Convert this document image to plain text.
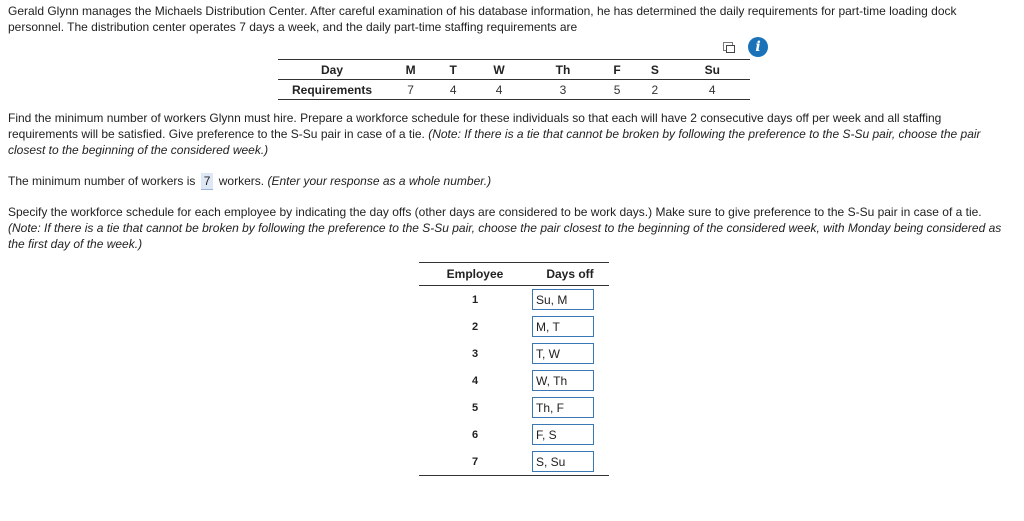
Gerald Glynn manages the Michaels Distribution Center. After careful examination of his database information, he has determined the daily requirements for part-time loading dock personnel. The distribution center operates 7 days a week, and the daily part-time staffing requirements are

i
Day	M	T	W	Th	F	S	Su
Requirements	7	4	4	3	5	2	4

Find the minimum number of workers Glynn must hire. Prepare a workforce schedule for these individuals so that each will have 2 consecutive days off per week and all staffing requirements will be satisfied. Give preference to the S-Su pair in case of a tie. (Note: If there is a tie that cannot be broken by following the preference to the S-Su pair, choose the pair closest to the beginning of the considered week.)

The minimum number of workers is 7 workers. (Enter your response as a whole number.)

Specify the workforce schedule for each employee by indicating the day offs (other days are considered to be work days.) Make sure to give preference to the S-Su pair in case of a tie. (Note: If there is a tie that cannot be broken by following the preference to the S-Su pair, choose the pair closest to the beginning of the considered week, with Monday being considered as the first day of the week.)

Employee	Days off
1	Su, M
2	M, T
3	T, W
4	W, Th
5	Th, F
6	F, S
7	S, Su
